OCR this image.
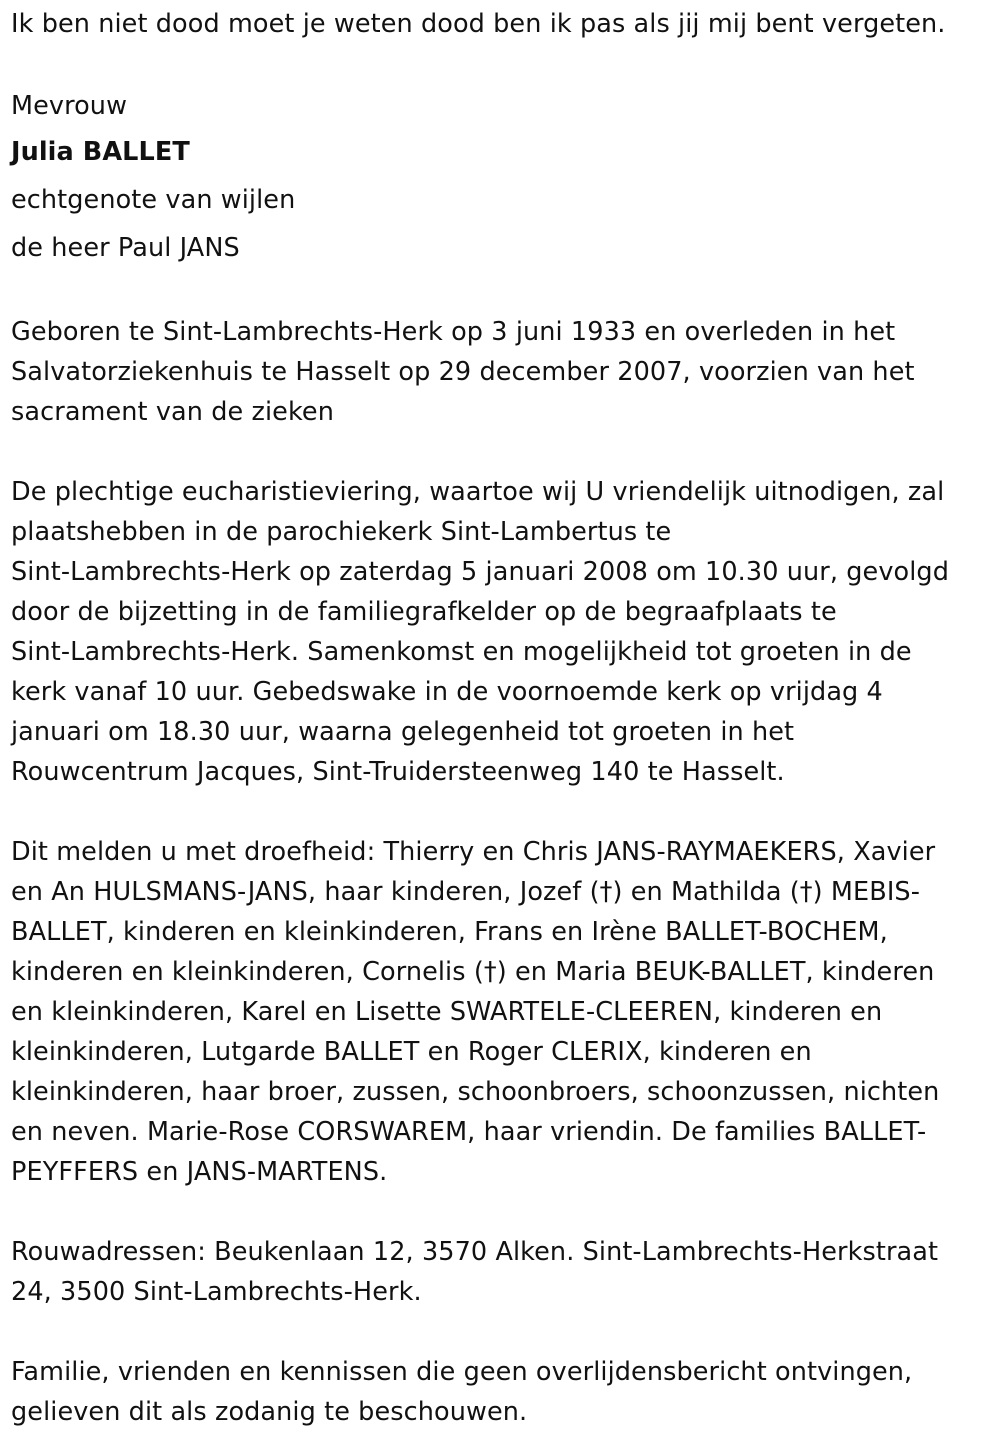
Ik ben niet dood moet je weten dood ben ik pas als jij mij bent vergeten.
Mevrouw
Julia BALLET
echtgenote van wijlen
de heer Paul JANS
Geboren te Sint-Lambrechts-Herk op 3 juni 1933 en overleden in het
Salvatorziekenhuis te Hasselt op 29 december 2007, voorzien van het
sacrament van de zieken
De plechtige eucharistieviering, waartoe wij U vriendelijk uitnodigen, zal
plaatshebben in de parochiekerk Sint-Lambertus te
Sint-Lambrechts-Herk op zaterdag 5 januari 2008 om 10.30 uur, gevolgd
door de bijzetting in de familiegrafkelder op de begraafplaats te
Sint-Lambrechts-Herk. Samenkomst en mogelijkheid tot groeten in de
kerk vanaf 10 uur. Gebedswake in de voornoemde kerk op vrijdag 4
januari om 18.30 uur, waarna gelegenheid tot groeten in het
Rouwcentrum Jacques, Sint-Truidersteenweg 140 te Hasselt.
Dit melden u met droefheid: Thierry en Chris JANS-RAYMAEKERS, Xavier
en An HULSMANS-JANS, haar kinderen, Jozef (†) en Mathilda (†) MEBIS-
BALLET, kinderen en kleinkinderen, Frans en Irène BALLET-BOCHEM,
kinderen en kleinkinderen, Cornelis (†) en Maria BEUK-BALLET, kinderen
en kleinkinderen, Karel en Lisette SWARTELE-CLEEREN, kinderen en
kleinkinderen, Lutgarde BALLET en Roger CLERIX, kinderen en
kleinkinderen, haar broer, zussen, schoonbroers, schoonzussen, nichten
en neven. Marie-Rose CORSWAREM, haar vriendin. De families BALLET-
PEYFFERS en JANS-MARTENS.
Rouwadressen: Beukenlaan 12, 3570 Alken. Sint-Lambrechts-Herkstraat
24, 3500 Sint-Lambrechts-Herk.
Familie, vrienden en kennissen die geen overlijdensbericht ontvingen,
gelieven dit als zodanig te beschouwen.
